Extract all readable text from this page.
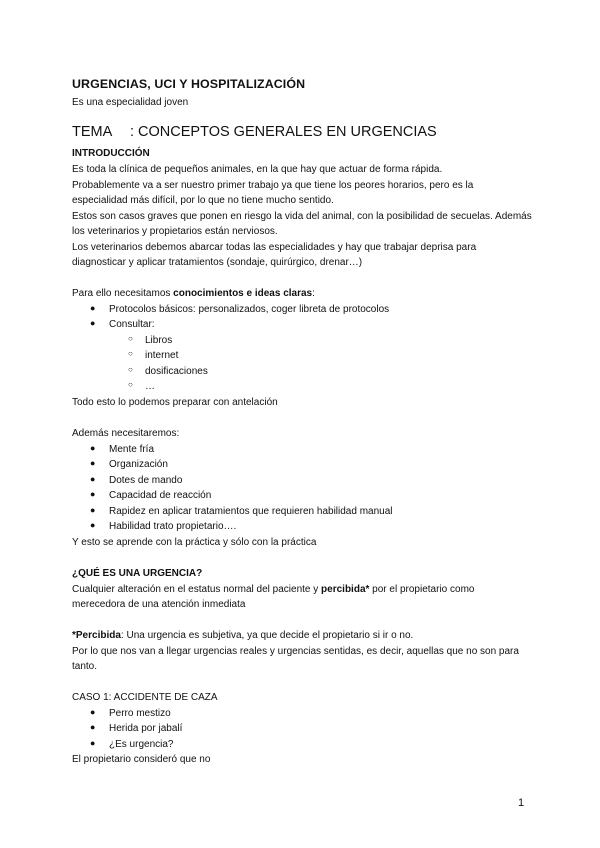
URGENCIAS, UCI Y HOSPITALIZACIÓN
Es una especialidad joven
TEMA : CONCEPTOS GENERALES EN URGENCIAS
INTRODUCCIÓN
Es toda la clínica de pequeños animales, en la que hay que actuar de forma rápida.
Probablemente va a ser nuestro primer trabajo ya que tiene los peores horarios, pero es la
especialidad más difícil, por lo que no tiene mucho sentido.
Estos son casos graves que ponen en riesgo la vida del animal, con la posibilidad de secuelas. Además
los veterinarios y propietarios están nerviosos.
Los veterinarios debemos abarcar todas las especialidades y hay que trabajar deprisa para
diagnosticar y aplicar tratamientos (sondaje, quirúrgico, drenar…)
Para ello necesitamos conocimientos e ideas claras:
● Protocolos básicos: personalizados, coger libreta de protocolos
● Consultar:
○ Libros
○ internet
○ dosificaciones
○ …
Todo esto lo podemos preparar con antelación
Además necesitaremos:
● Mente fría
● Organización
● Dotes de mando
● Capacidad de reacción
● Rapidez en aplicar tratamientos que requieren habilidad manual
● Habilidad trato propietario….
Y esto se aprende con la práctica y sólo con la práctica
¿QUÉ ES UNA URGENCIA?
Cualquier alteración en el estatus normal del paciente y percibida* por el propietario como
merecedora de una atención inmediata
*Percibida: Una urgencia es subjetiva, ya que decide el propietario si ir o no.
Por lo que nos van a llegar urgencias reales y urgencias sentidas, es decir, aquellas que no son para
tanto.
CASO 1: ACCIDENTE DE CAZA
● Perro mestizo
● Herida por jabalí
● ¿Es urgencia?
El propietario consideró que no
1
